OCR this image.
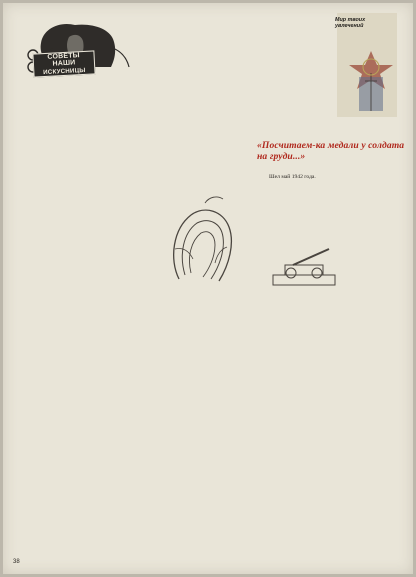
СОВЕТЫ
НАШИ
ИСКУСНИЦЫ
Мир твоих увлечений
«Посчитаем-ка медали у солдата на груди...»

Шел май 1942 года.

38
